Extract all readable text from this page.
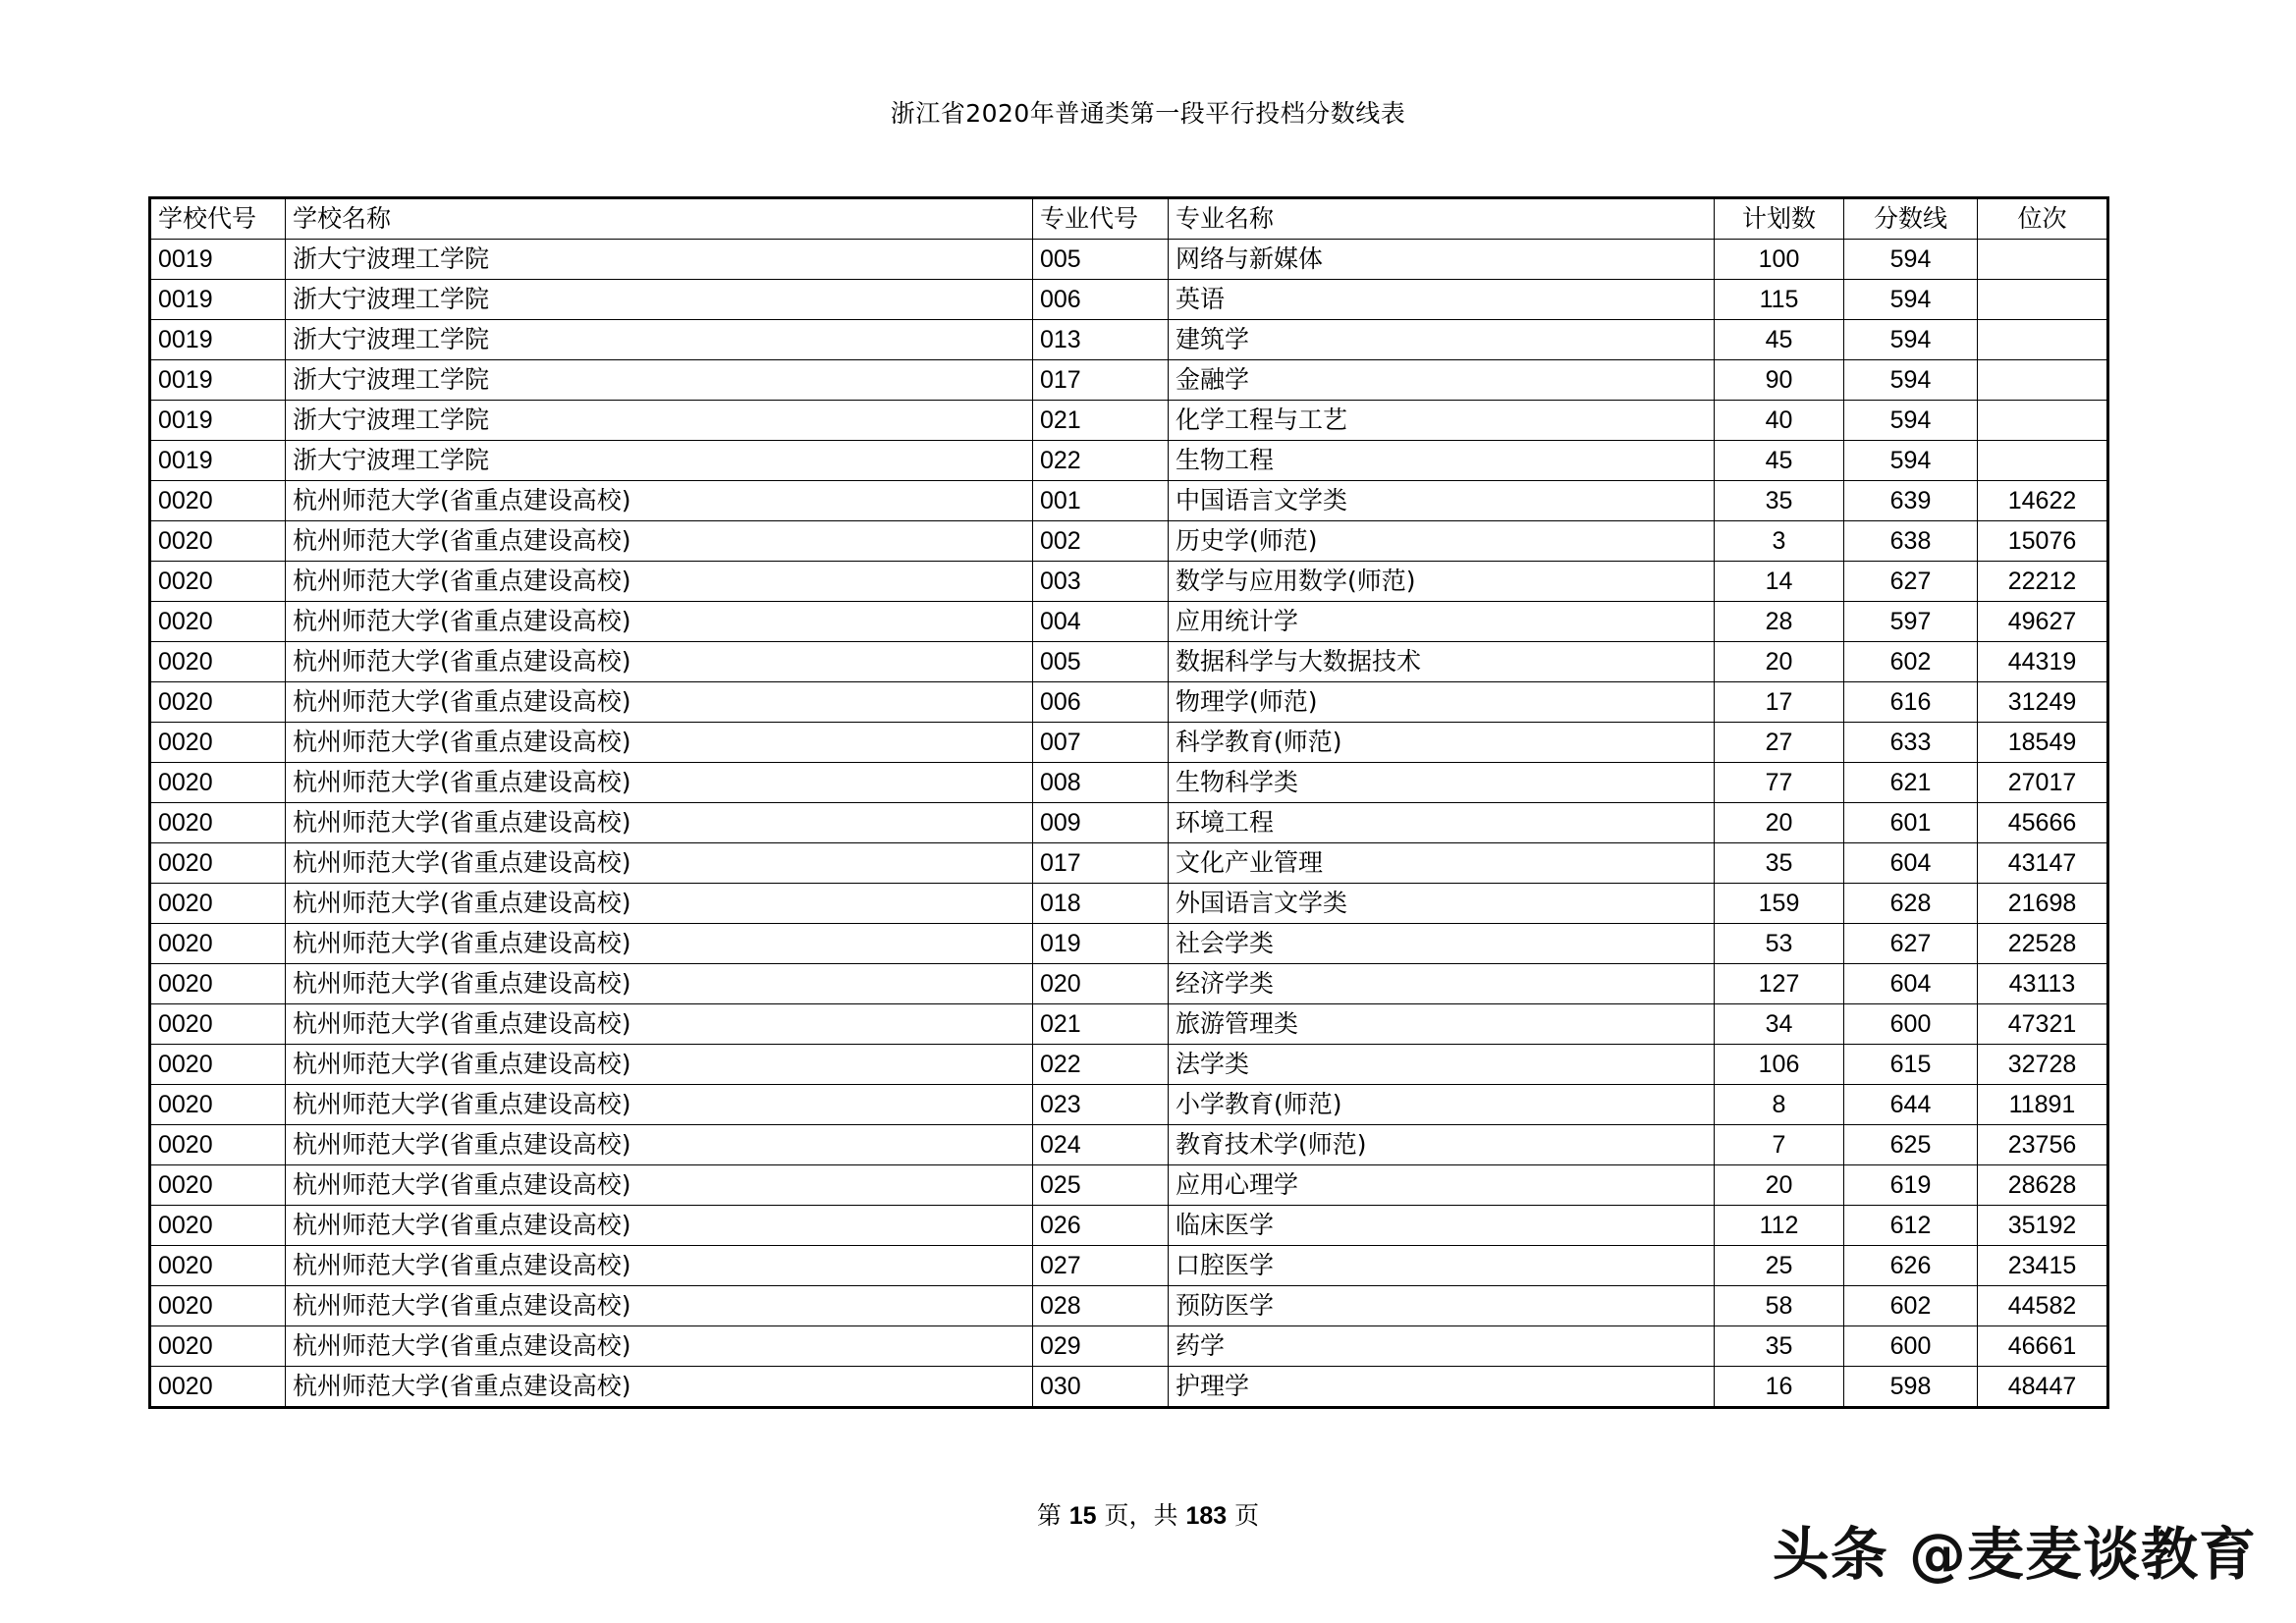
浙江省2020年普通类第一段平行投档分数线表
学校代号	学校名称	专业代号	专业名称	计划数	分数线	位次
0019	浙大宁波理工学院	005	网络与新媒体	100	594	
0019	浙大宁波理工学院	006	英语	115	594	
0019	浙大宁波理工学院	013	建筑学	45	594	
0019	浙大宁波理工学院	017	金融学	90	594	
0019	浙大宁波理工学院	021	化学工程与工艺	40	594	
0019	浙大宁波理工学院	022	生物工程	45	594	
0020	杭州师范大学(省重点建设高校)	001	中国语言文学类	35	639	14622
0020	杭州师范大学(省重点建设高校)	002	历史学(师范)	3	638	15076
0020	杭州师范大学(省重点建设高校)	003	数学与应用数学(师范)	14	627	22212
0020	杭州师范大学(省重点建设高校)	004	应用统计学	28	597	49627
0020	杭州师范大学(省重点建设高校)	005	数据科学与大数据技术	20	602	44319
0020	杭州师范大学(省重点建设高校)	006	物理学(师范)	17	616	31249
0020	杭州师范大学(省重点建设高校)	007	科学教育(师范)	27	633	18549
0020	杭州师范大学(省重点建设高校)	008	生物科学类	77	621	27017
0020	杭州师范大学(省重点建设高校)	009	环境工程	20	601	45666
0020	杭州师范大学(省重点建设高校)	017	文化产业管理	35	604	43147
0020	杭州师范大学(省重点建设高校)	018	外国语言文学类	159	628	21698
0020	杭州师范大学(省重点建设高校)	019	社会学类	53	627	22528
0020	杭州师范大学(省重点建设高校)	020	经济学类	127	604	43113
0020	杭州师范大学(省重点建设高校)	021	旅游管理类	34	600	47321
0020	杭州师范大学(省重点建设高校)	022	法学类	106	615	32728
0020	杭州师范大学(省重点建设高校)	023	小学教育(师范)	8	644	11891
0020	杭州师范大学(省重点建设高校)	024	教育技术学(师范)	7	625	23756
0020	杭州师范大学(省重点建设高校)	025	应用心理学	20	619	28628
0020	杭州师范大学(省重点建设高校)	026	临床医学	112	612	35192
0020	杭州师范大学(省重点建设高校)	027	口腔医学	25	626	23415
0020	杭州师范大学(省重点建设高校)	028	预防医学	58	602	44582
0020	杭州师范大学(省重点建设高校)	029	药学	35	600	46661
0020	杭州师范大学(省重点建设高校)	030	护理学	16	598	48447
第 15 页，共 183 页
头条 @麦麦谈教育
